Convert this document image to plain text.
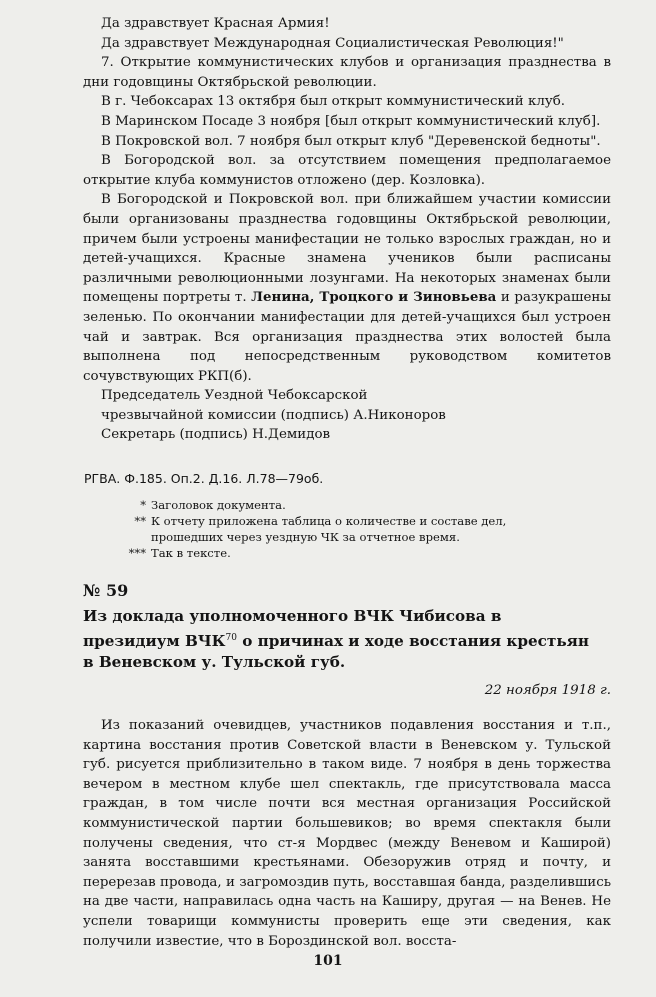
Да здравствует Красная Армия!

Да здравствует Международная Социалистическая Революция!"

7. Открытие коммунистических клубов и организация празднества в дни годовщины Октябрьской революции.

В г. Чебоксарах 13 октября был открыт коммунистический клуб.

В Маринском Посаде 3 ноября [был открыт коммунистический клуб].

В Покровской вол. 7 ноября был открыт клуб "Деревенской бедноты".

В Богородской вол. за отсутствием помещения предполагаемое открытие клуба коммунистов отложено (дер. Козловка).

В Богородской и Покровской вол. при ближайшем участии комиссии были организованы празднества годовщины Октябрьской революции, причем были устроены манифестации не только взрослых граждан, но и детей-учащихся. Красные знамена учеников были расписаны различными революционными лозунгами. На некоторых знаменах были помещены портреты т. Ленина, Троцкого и Зиновьева и разукрашены зеленью. По окончании манифестации для детей-учащихся был устроен чай и завтрак. Вся организация празднества этих волостей была выполнена под непосредственным руководством комитетов сочувствующих РКП(б).

Председатель Уездной Чебоксарской

чрезвычайной комиссии (подпись) А.Никоноров

Секретарь (подпись) Н.Демидов

РГВА. Ф.185. Оп.2. Д.16. Л.78—79об.
* Заголовок документа.
** К отчету приложена таблица о количестве и составе дел,
прошедших через уездную ЧК за отчетное время.
*** Так в тексте.
№ 59
Из доклада уполномоченного ВЧК Чибисова в президиум ВЧК$^{70}$ о причинах и ходе восстания крестьян в Веневском у. Тульской губ.
22 ноября 1918 г.

Из показаний очевидцев, участников подавления восстания и т.п., картина восстания против Советской власти в Веневском у. Тульской губ. рисуется приблизительно в таком виде. 7 ноября в день торжества вечером в местном клубе шел спектакль, где присутствовала масса граждан, в том числе почти вся местная организация Российской коммунистической партии большевиков; во время спектакля были получены сведения, что ст-я Мордвес (между Веневом и Каширой) занята восставшими крестьянами. Обезоружив отряд и почту, и перерезав провода, и загромоздив путь, восставшая банда, разделившись на две части, направилась одна часть на Каширу, другая — на Венев. Не успели товарищи коммунисты проверить еще эти сведения, как получили известие, что в Бороздинской вол. восста-

101
